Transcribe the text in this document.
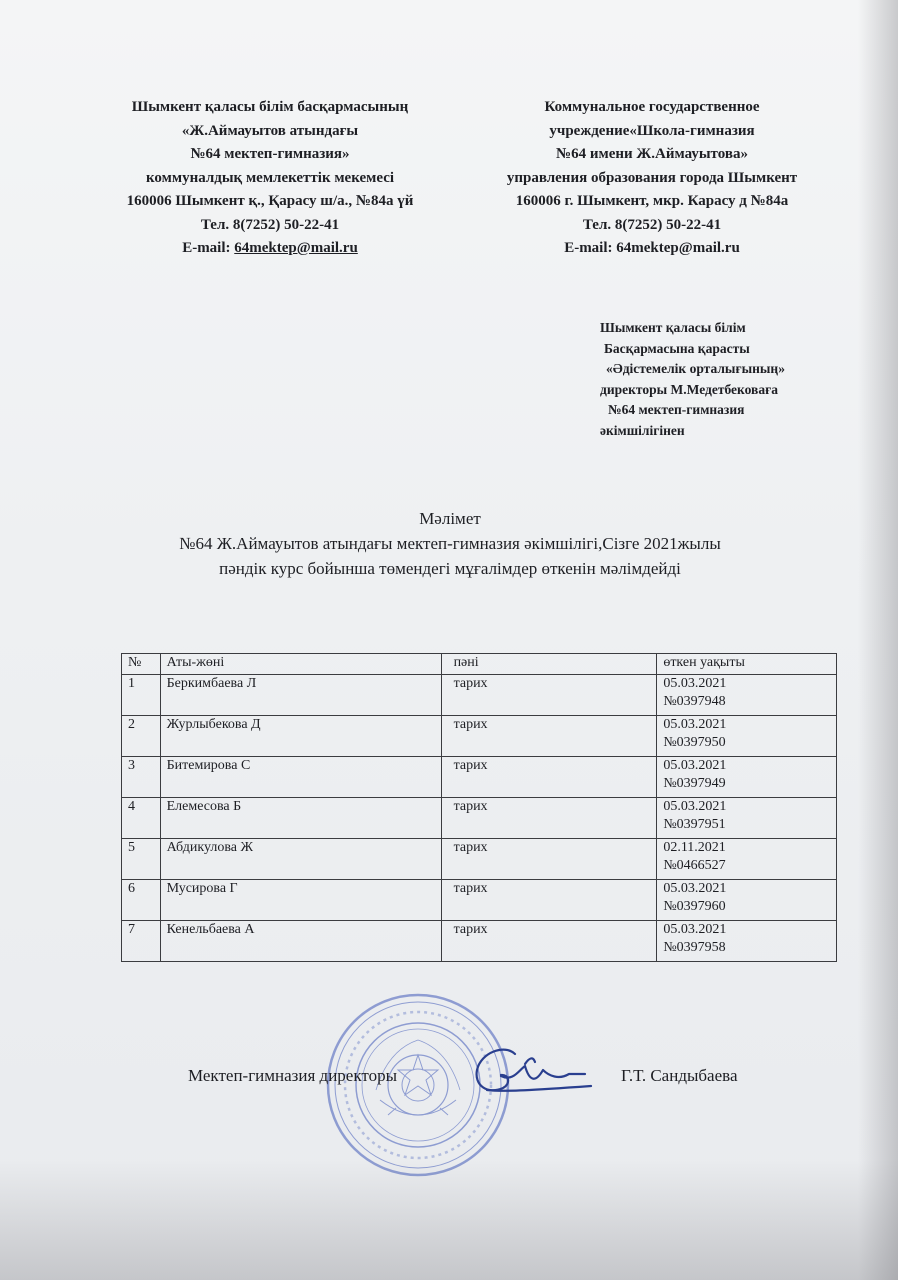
Шымкент қаласы білім басқармасының
«Ж.Аймауытов атындағы
№64 мектеп-гимназия»
коммуналдық мемлекеттік мекемесі
160006 Шымкент қ., Қарасу ш/а., №84а үй
Тел. 8(7252) 50-22-41
E-mail: 64mektep@mail.ru
Коммунальное государственное
учреждение«Школа-гимназия
№64 имени Ж.Аймауытова»
управления образования города Шымкент
160006 г. Шымкент, мкр. Карасу д №84а
Тел. 8(7252) 50-22-41
E-mail: 64mektep@mail.ru
Шымкент қаласы білім
Басқармасына қарасты
«Әдістемелік орталығының»
директоры М.Медетбековаға
№64 мектеп-гимназия
әкімшілігінен
Мәлімет
№64 Ж.Аймауытов атындағы мектеп-гимназия әкімшілігі,Сізге 2021жылы
пәндік курс бойынша төмендегі мұғалімдер өткенін мәлімдейді
№	Аты-жөні	пәні	өткен уақыты
1	Беркимбаева Л	тарих	05.03.2021
№0397948

2	Журлыбекова Д	тарих	05.03.2021
№0397950

3	Битемирова С	тарих	05.03.2021
№0397949

4	Елемесова Б	тарих	05.03.2021
№0397951

5	Абдикулова Ж	тарих	02.11.2021
№0466527

6	Мусирова Г	тарих	05.03.2021
№0397960

7	Кенельбаева А	тарих	05.03.2021
№0397958
Мектеп-гимназия директоры	Г.Т. Сандыбаева
